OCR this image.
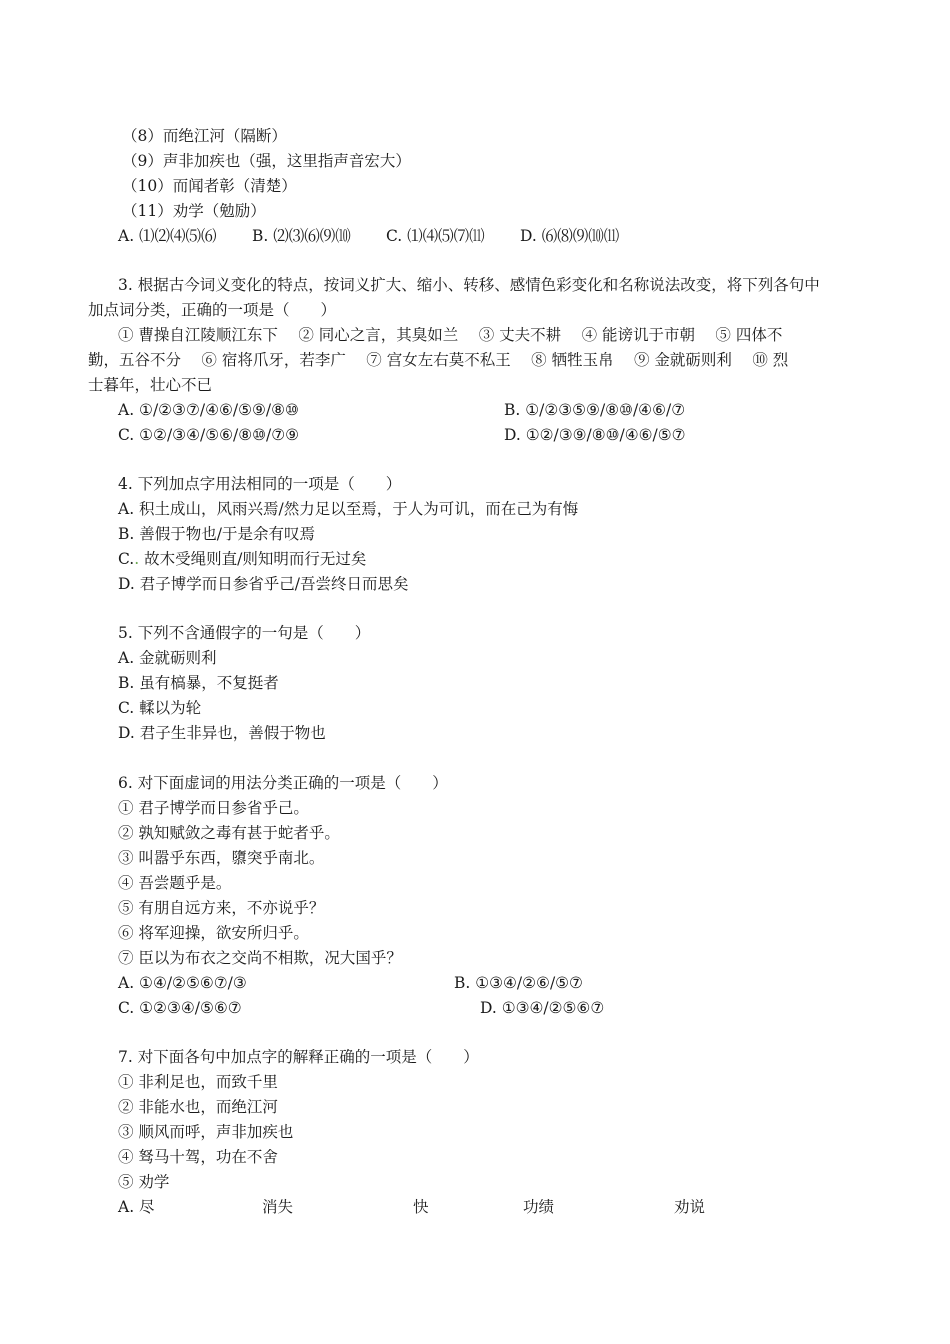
（8）而绝江河（隔断）
（9）声非加疾也（强，这里指声音宏大）
（10）而闻者彰（清楚）
（11）劝学（勉励）
A. ⑴⑵⑷⑸⑹ B. ⑵⑶⑹⑼⑽ C. ⑴⑷⑸⑺⑾ D. ⑹⑻⑼⑽⑾
3. 根据古今词义变化的特点，按词义扩大、缩小、转移、感情色彩变化和名称说法改变，将下列各句中
加点词分类，正确的一项是（　　）
① 曹操自江陵顺江东下　 ② 同心之言，其臭如兰　 ③ 丈夫不耕　 ④ 能谤讥于市朝　 ⑤ 四体不
勤，五谷不分　 ⑥ 宿将爪牙，若李广　 ⑦ 宫女左右莫不私王　 ⑧ 牺牲玉帛　 ⑨ 金就砺则利　 ⑩ 烈
士暮年，壮心不已
A. ①/②③⑦/④⑥/⑤⑨/⑧⑩	B. ①/②③⑤⑨/⑧⑩/④⑥/⑦
C. ①②/③④/⑤⑥/⑧⑩/⑦⑨	D. ①②/③⑨/⑧⑩/④⑥/⑤⑦
4. 下列加点字用法相同的一项是（　　）
A. 积土成山，风雨兴焉/然力足以至焉，于人为可讥，而在己为有悔
B. 善假于物也/于是余有叹焉
C.. 故木受绳则直/则知明而行无过矣
D. 君子博学而日参省乎己/吾尝终日而思矣
5. 下列不含通假字的一句是（　　）
A. 金就砺则利
B. 虽有槁暴，不复挺者
C. 輮以为轮
D. 君子生非异也，善假于物也
6. 对下面虚词的用法分类正确的一项是（　　）
① 君子博学而日参省乎己。
② 孰知赋敛之毒有甚于蛇者乎。
③ 叫嚣乎东西，隳突乎南北。
④ 吾尝题乎是。
⑤ 有朋自远方来，不亦说乎？
⑥ 将军迎操，欲安所归乎。
⑦ 臣以为布衣之交尚不相欺，况大国乎？
A. ①④/②⑤⑥⑦/③	B. ①③④/②⑥/⑤⑦
C. ①②③④/⑤⑥⑦	D. ①③④/②⑤⑥⑦
7. 对下面各句中加点字的解释正确的一项是（　　）
① 非利足也，而致千里
② 非能水也，而绝江河
③ 顺风而呼，声非加疾也
④ 驽马十驾，功在不舍
⑤ 劝学
A. 尽	消失	快	功绩	劝说
